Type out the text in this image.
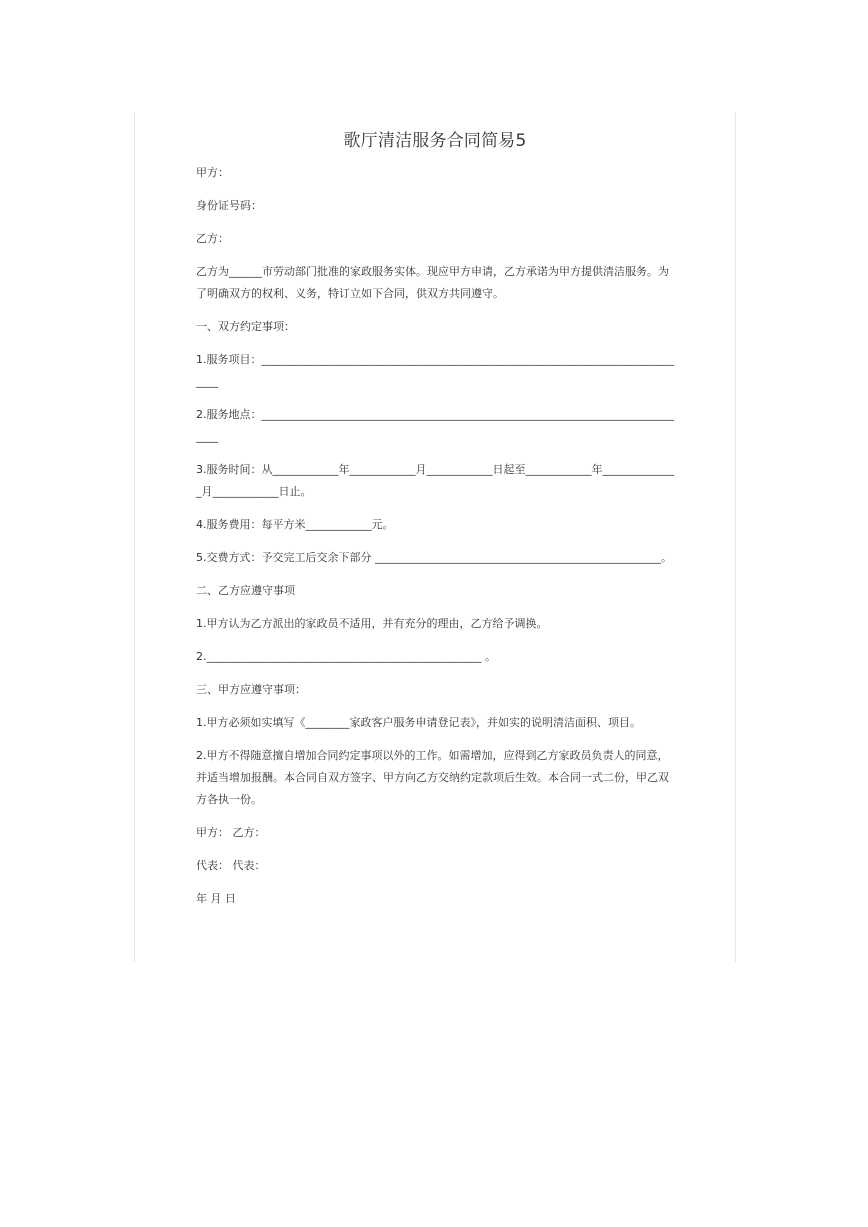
歌厅清洁服务合同简易5

甲方：

身份证号码：

乙方：

乙方为______市劳动部门批准的家政服务实体。现应甲方申请，乙方承诺为甲方提供清洁服务。为了明确双方的权利、义务，特订立如下合同，供双方共同遵守。

一、双方约定事项：

1.服务项目：_______________________________________________________________________________

2.服务地点：_______________________________________________________________________________

3.服务时间：从____________年____________月____________日起至____________年______________月____________日止。

4.服务费用：每平方米____________元。

5.交费方式：予交完工后交余下部分 ____________________________________________________。

二、乙方应遵守事项

1.甲方认为乙方派出的家政员不适用，并有充分的理由，乙方给予调换。

2.__________________________________________________ 。

三、甲方应遵守事项：

1.甲方必须如实填写《________家政客户服务申请登记表》，并如实的说明清洁面积、项目。

2.甲方不得随意擅自增加合同约定事项以外的工作。如需增加，应得到乙方家政员负责人的同意，并适当增加报酬。本合同自双方签字、甲方向乙方交纳约定款项后生效。本合同一式二份，甲乙双方各执一份。

甲方： 乙方：

代表： 代表：

年 月 日
